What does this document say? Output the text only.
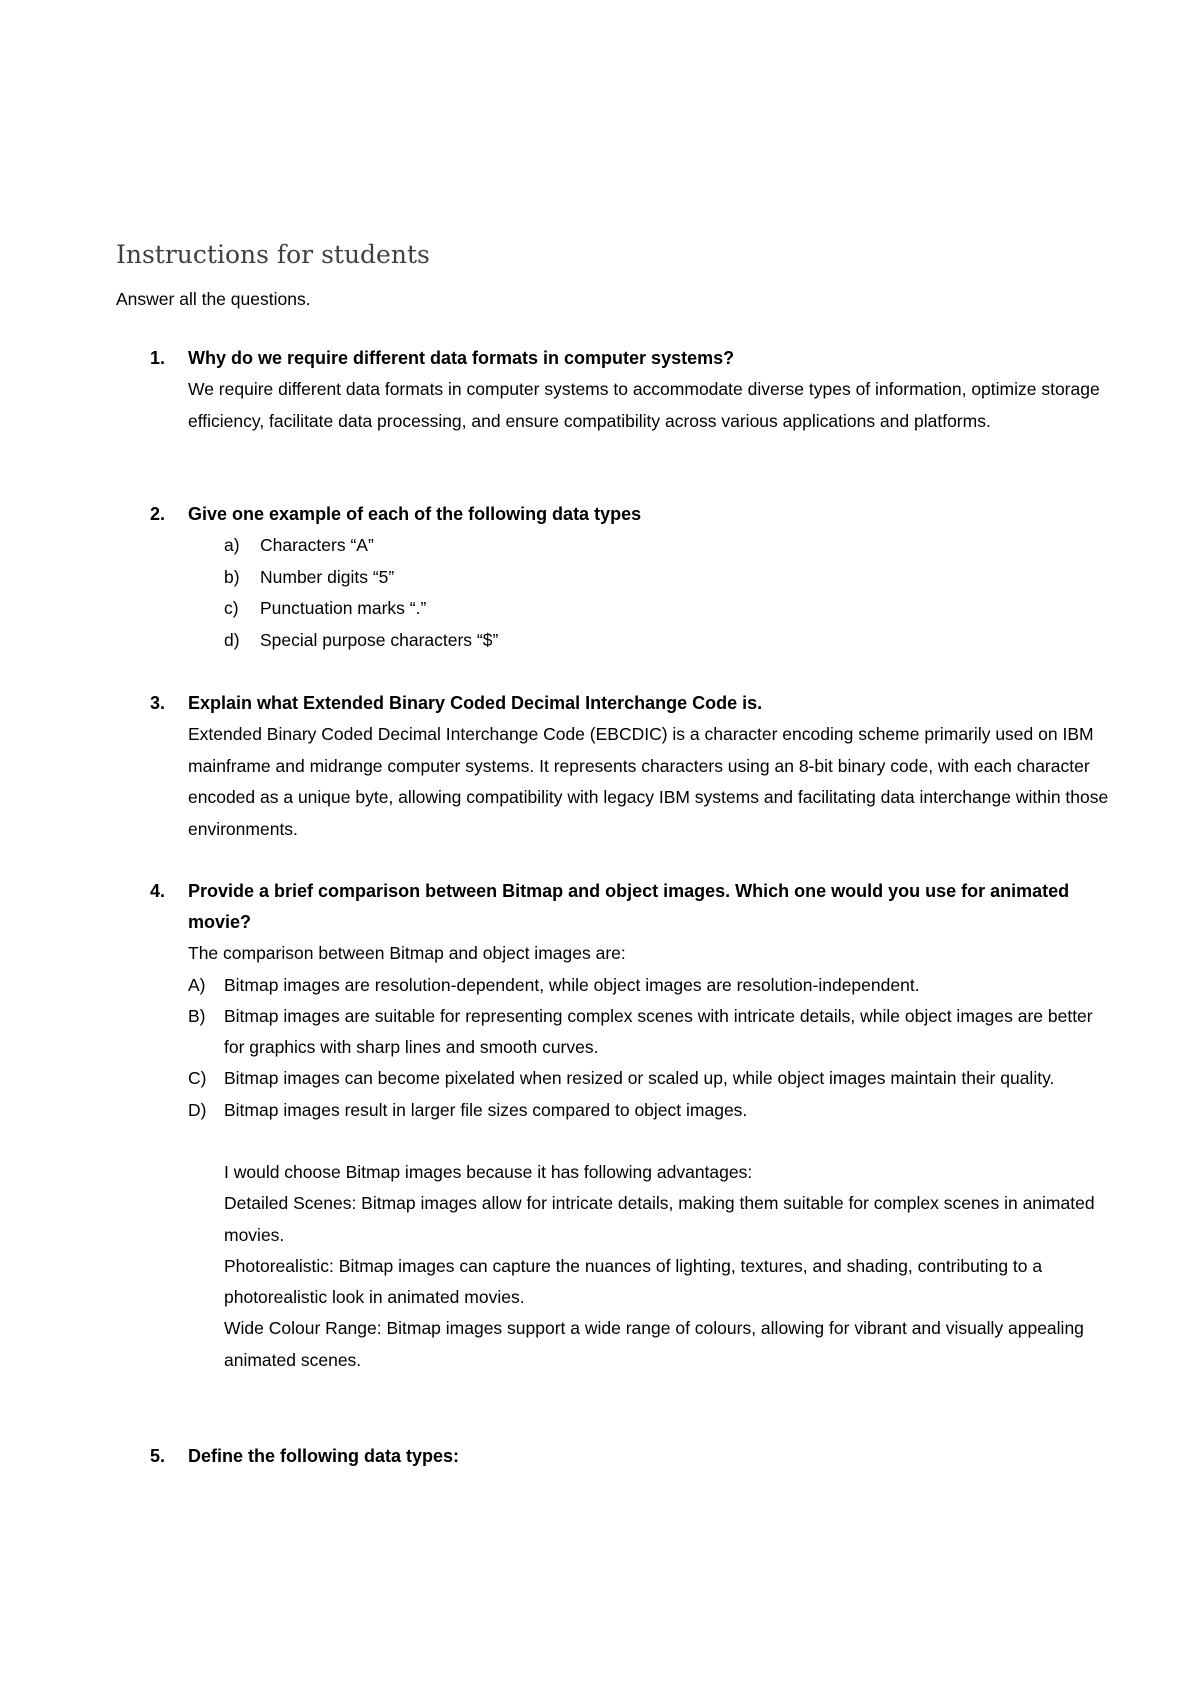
Instructions for students
Answer all the questions.
1. Why do we require different data formats in computer systems?
We require different data formats in computer systems to accommodate diverse types of information, optimize storage efficiency, facilitate data processing, and ensure compatibility across various applications and platforms.
2. Give one example of each of the following data types
a) Characters “A”
b) Number digits “5”
c) Punctuation marks “.”
d) Special purpose characters “$”
3. Explain what Extended Binary Coded Decimal Interchange Code is.
Extended Binary Coded Decimal Interchange Code (EBCDIC) is a character encoding scheme primarily used on IBM mainframe and midrange computer systems. It represents characters using an 8-bit binary code, with each character encoded as a unique byte, allowing compatibility with legacy IBM systems and facilitating data interchange within those environments.
4. Provide a brief comparison between Bitmap and object images. Which one would you use for animated movie?
The comparison between Bitmap and object images are:
A) Bitmap images are resolution-dependent, while object images are resolution-independent.
B) Bitmap images are suitable for representing complex scenes with intricate details, while object images are better for graphics with sharp lines and smooth curves.
C) Bitmap images can become pixelated when resized or scaled up, while object images maintain their quality.
D) Bitmap images result in larger file sizes compared to object images.
I would choose Bitmap images because it has following advantages:
Detailed Scenes: Bitmap images allow for intricate details, making them suitable for complex scenes in animated movies.
Photorealistic: Bitmap images can capture the nuances of lighting, textures, and shading, contributing to a photorealistic look in animated movies.
Wide Colour Range: Bitmap images support a wide range of colours, allowing for vibrant and visually appealing animated scenes.
5. Define the following data types:
